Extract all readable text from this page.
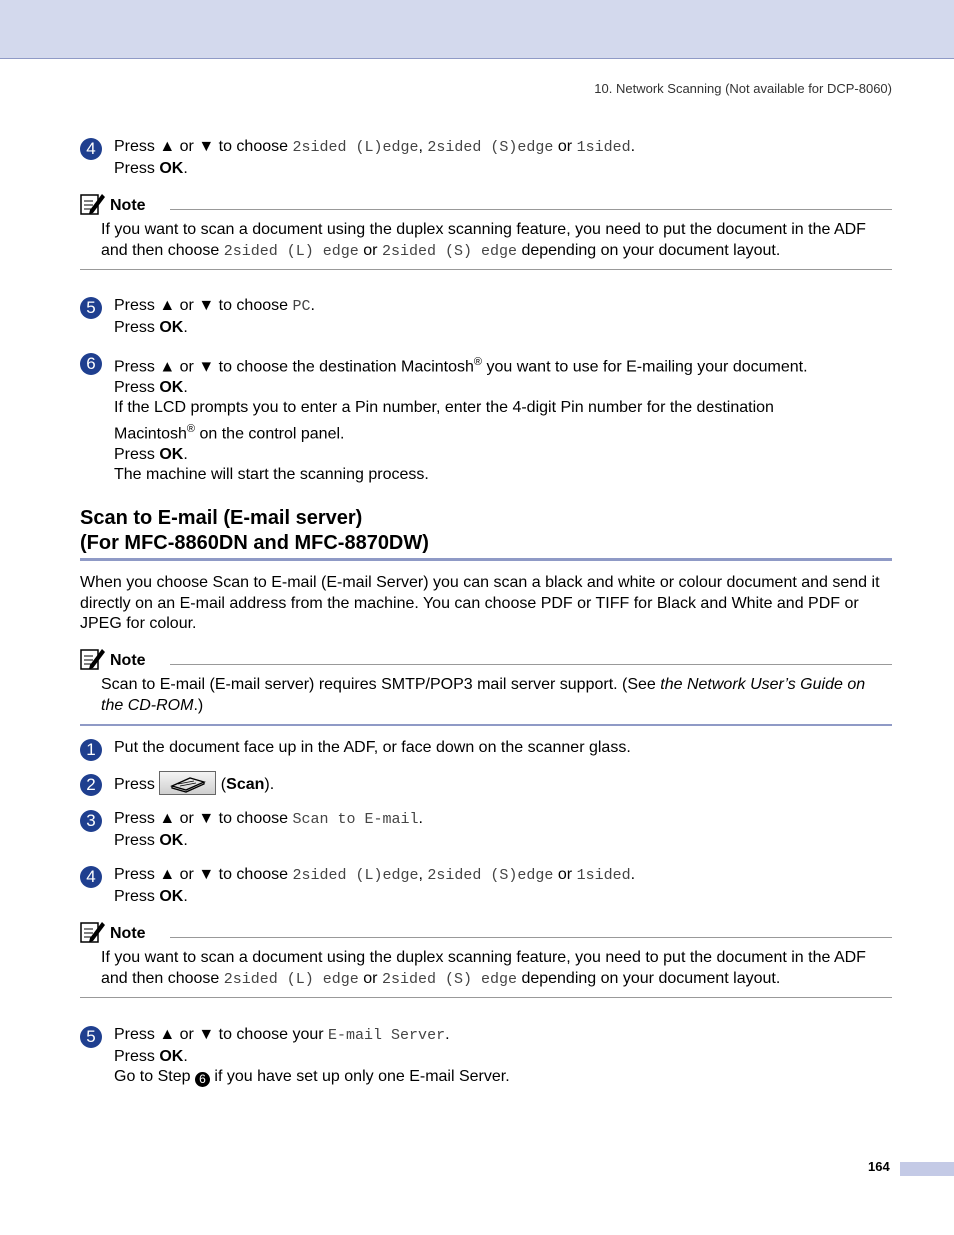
10. Network Scanning (Not available for DCP-8060)
4	Press ▲ or ▼ to choose 2sided (L)edge, 2sided (S)edge or 1sided.
Press OK.
Note
If you want to scan a document using the duplex scanning feature, you need to put the document in the ADF and then choose 2sided (L) edge or 2sided (S) edge depending on your document layout.
5	Press ▲ or ▼ to choose PC.
Press OK.
6	Press ▲ or ▼ to choose the destination Macintosh® you want to use for E-mailing your document.
Press OK.
If the LCD prompts you to enter a Pin number, enter the 4-digit Pin number for the destination
Macintosh® on the control panel.
Press OK.
The machine will start the scanning process.
Scan to E-mail (E-mail server)
(For MFC-8860DN and MFC-8870DW)
When you choose Scan to E-mail (E-mail Server) you can scan a black and white or colour document and send it directly on an E-mail address from the machine. You can choose PDF or TIFF for Black and White and PDF or JPEG for colour.
Note
Scan to E-mail (E-mail server) requires SMTP/POP3 mail server support. (See the Network User’s Guide on the CD-ROM.)
1	Put the document face up in the ADF, or face down on the scanner glass.
2	Press	(Scan).
3	Press ▲ or ▼ to choose Scan to E-mail.
Press OK.
4	Press ▲ or ▼ to choose 2sided (L)edge, 2sided (S)edge or 1sided.
Press OK.
Note
If you want to scan a document using the duplex scanning feature, you need to put the document in the ADF and then choose 2sided (L) edge or 2sided (S) edge depending on your document layout.
5	Press ▲ or ▼ to choose your E-mail Server.
Press OK.
Go to Step 6 if you have set up only one E-mail Server.
164
